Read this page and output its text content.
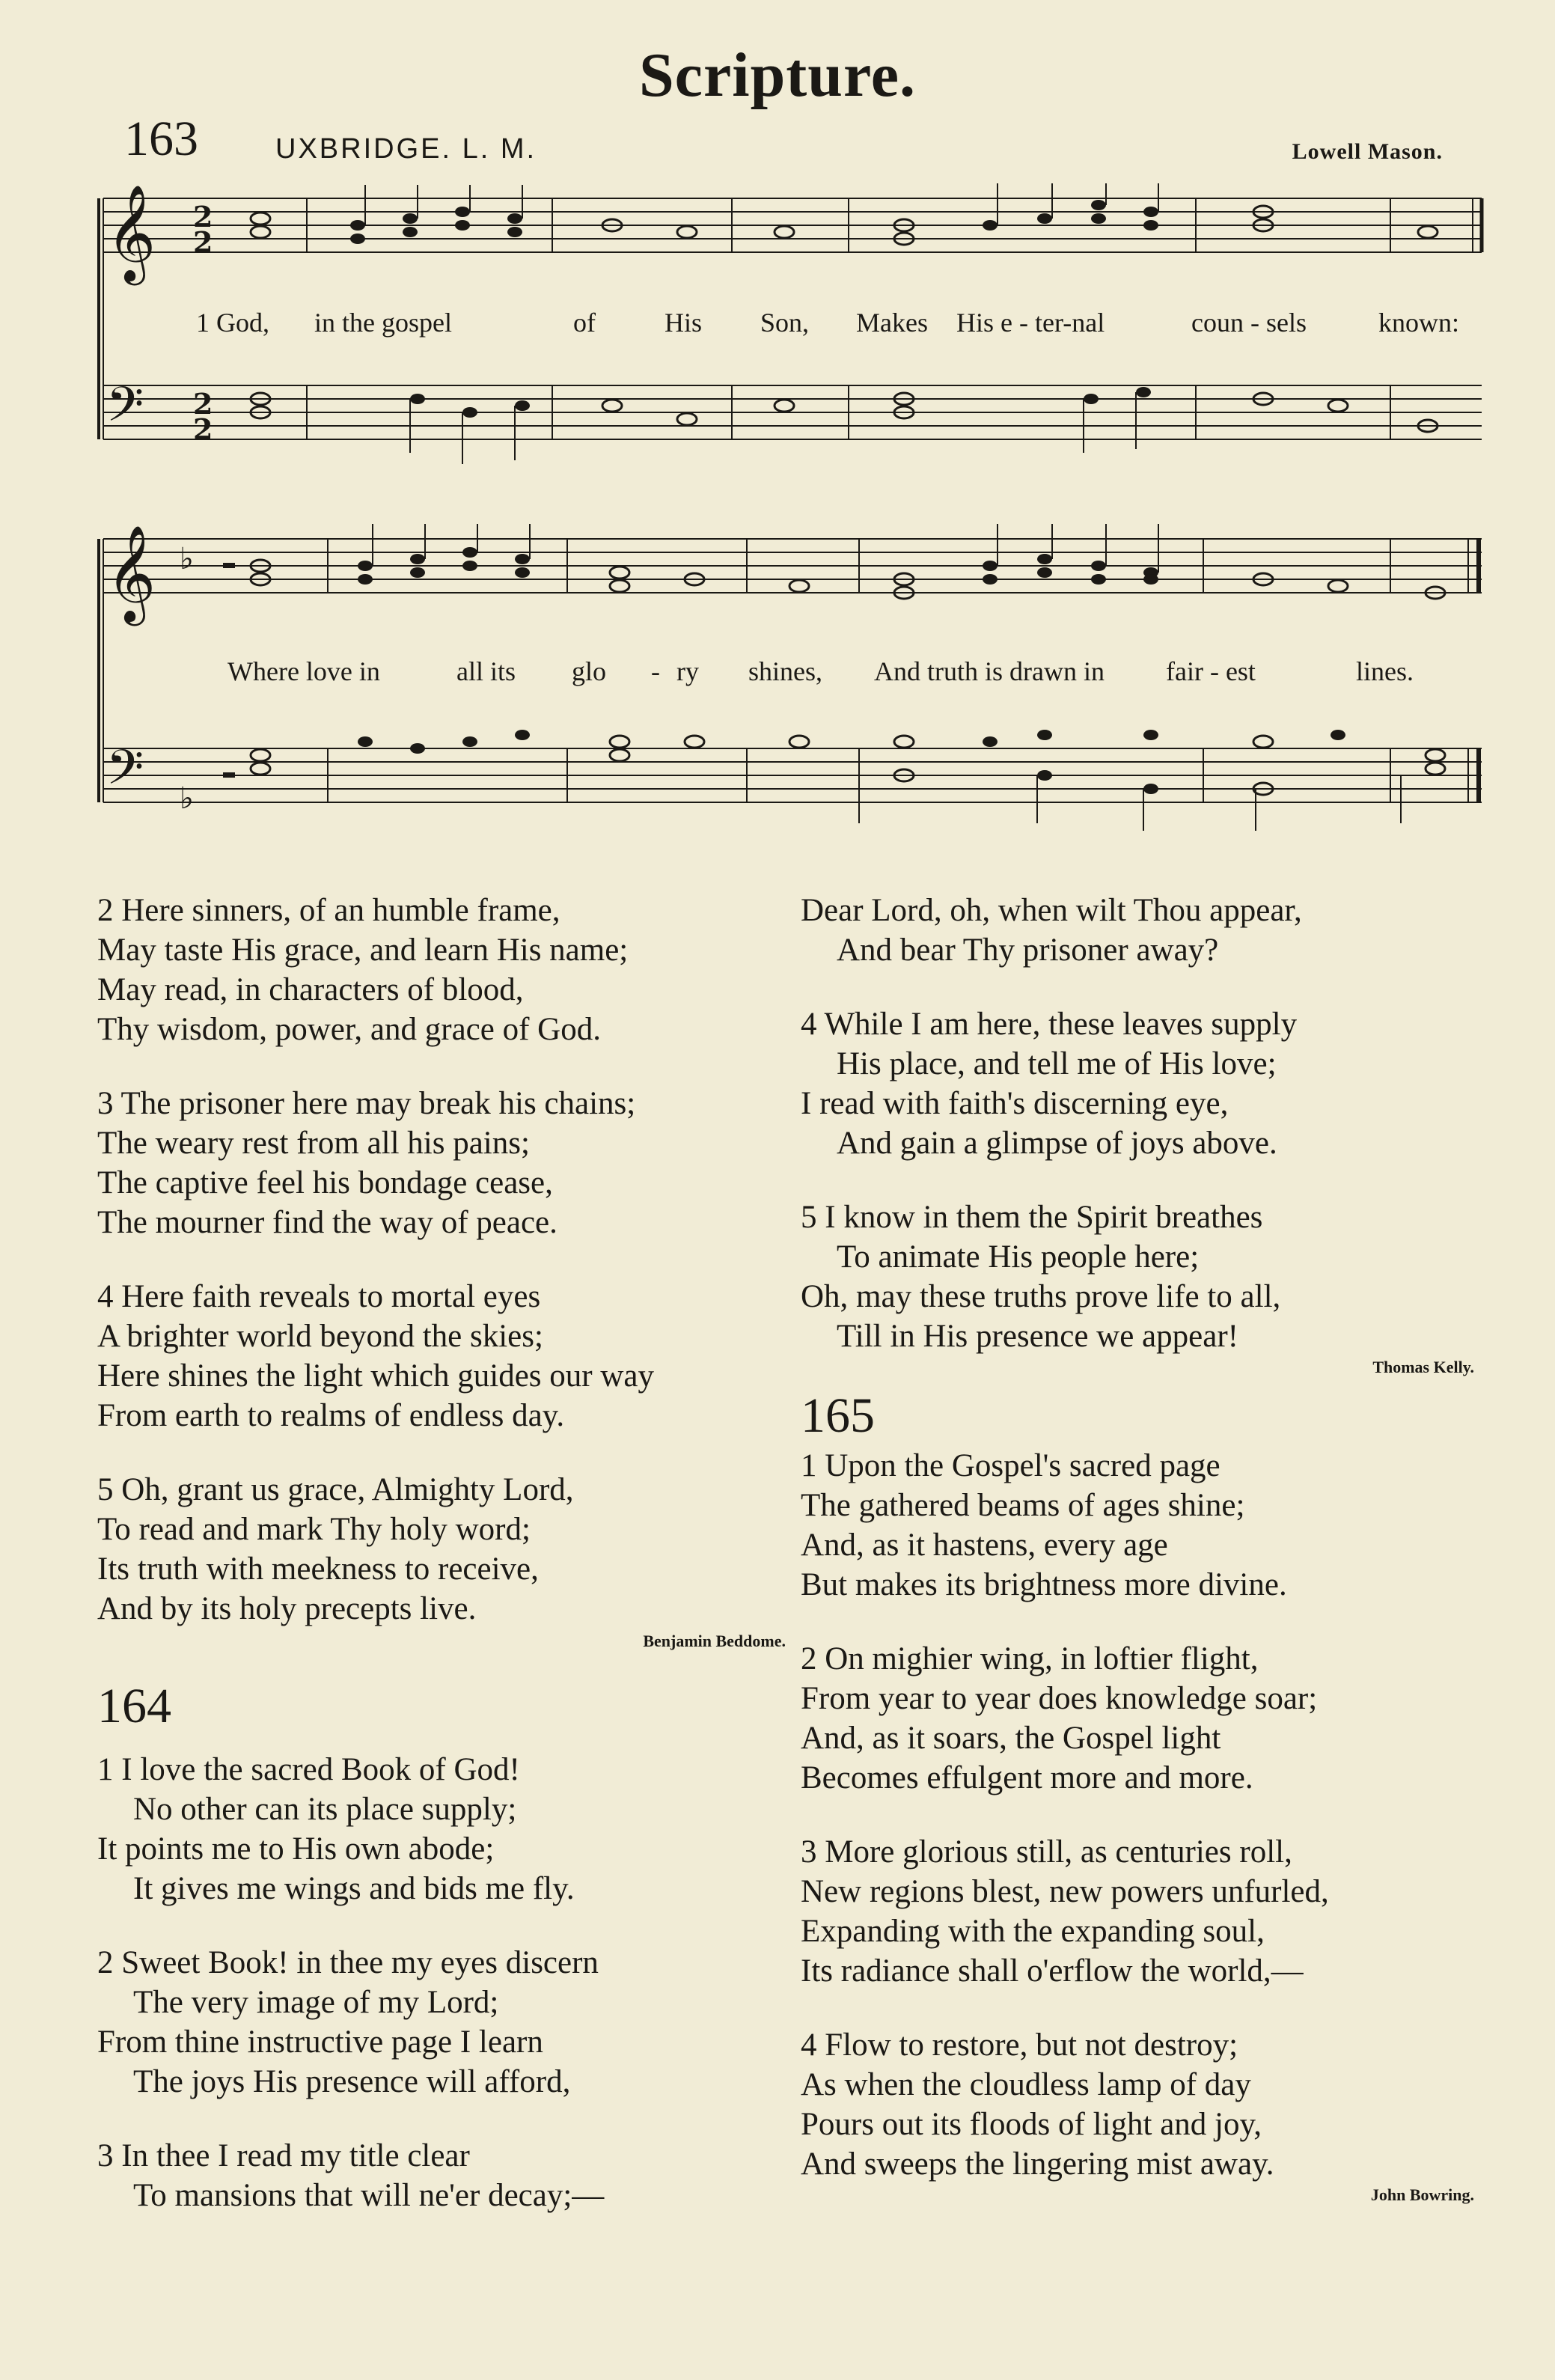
Scripture.
163	UXBRIDGE. L. M.	Lowell Mason.
𝄞
𝄢
2
2
2
2
1 God, in the gospel	of	His Son, Makes His e - ter-nal	coun - sels	known:
𝄞
𝄢
♭
♭
Where love in	all its glo - ry shines, And truth is drawn in fair - est	lines.
2 Here sinners, of an humble frame,
May taste His grace, and learn His name;
May read, in characters of blood,
Thy wisdom, power, and grace of God.
3 The prisoner here may break his chains;
The weary rest from all his pains;
The captive feel his bondage cease,
The mourner find the way of peace.
4 Here faith reveals to mortal eyes
A brighter world beyond the skies;
Here shines the light which guides our way
From earth to realms of endless day.
5 Oh, grant us grace, Almighty Lord,
To read and mark Thy holy word;
Its truth with meekness to receive,
And by its holy precepts live.
Benjamin Beddome.
164
1 I love the sacred Book of God!
No other can its place supply;
It points me to His own abode;
It gives me wings and bids me fly.
2 Sweet Book! in thee my eyes discern
The very image of my Lord;
From thine instructive page I learn
The joys His presence will afford,
3 In thee I read my title clear
To mansions that will ne'er decay;—
Dear Lord, oh, when wilt Thou appear,
And bear Thy prisoner away?
4 While I am here, these leaves supply
His place, and tell me of His love;
I read with faith's discerning eye,
And gain a glimpse of joys above.
5 I know in them the Spirit breathes
To animate His people here;
Oh, may these truths prove life to all,
Till in His presence we appear!
Thomas Kelly.
165
1 Upon the Gospel's sacred page
The gathered beams of ages shine;
And, as it hastens, every age
But makes its brightness more divine.
2 On mighier wing, in loftier flight,
From year to year does knowledge soar;
And, as it soars, the Gospel light
Becomes effulgent more and more.
3 More glorious still, as centuries roll,
New regions blest, new powers unfurled,
Expanding with the expanding soul,
Its radiance shall o'erflow the world,—
4 Flow to restore, but not destroy;
As when the cloudless lamp of day
Pours out its floods of light and joy,
And sweeps the lingering mist away.
John Bowring.
